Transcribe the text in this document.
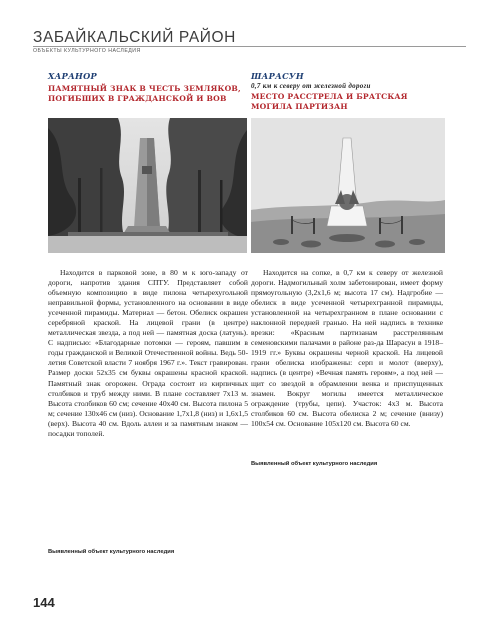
ЗАБАЙКАЛЬСКИЙ РАЙОН
ОБЪЕКТЫ КУЛЬТУРНОГО НАСЛЕДИЯ
ХАРАНОР
ПАМЯТНЫЙ ЗНАК В ЧЕСТЬ ЗЕМЛЯКОВ, ПОГИБШИХ В ГРАЖДАНСКОЙ И ВОВ
ШАРАСУН
0,7 км к северу от железной дороги
МЕСТО РАССТРЕЛА И БРАТСКАЯ МОГИЛА ПАРТИЗАН

Находится в парковой зоне, в 80 м к юго-западу от дороги, напротив здания СПТУ. Представляет собой объемную композицию в виде пилона четырехугольной неправильной формы, установленного на основании в виде усеченной пирамиды. Материал — бетон. Обелиск окрашен серебряной краской. На лицевой грани (в центре) металлическая звезда, а под ней — памятная доска (латунь). С надписью: «Благодарные потомки — героям, павшим в годы гражданской и Великой Отечественной войны. Ведь 50-летия Советской власти 7 ноября 1967 г.». Текст гравирован. Размер доски 52х35 см буквы окрашены красной краской. Памятный знак огорожен. Ограда состоит из кирпичных столбиков и труб между ними. В плане составляет 7х13 м. Высота столбиков 60 см; сечение 40х40 см. Высота пилона 5 м; сечение 130х46 см (низ). Основание 1,7х1,8 (низ) и 1,6х1,5 (верх). Высота 40 см. Вдоль аллеи и за памятным знаком — посадки тополей.

Находится на сопке, в 0,7 км к северу от железной дороги. Надмогильный холм забетонирован, имеет форму прямоугольную (3,2х1,6 м; высота 17 см). Надгробие — обелиск в виде усеченной четырехгранной пирамиды, установленной на четырехгранном в плане основании с наклонной передней гранью. На ней надпись в технике врезки: «Красным партизанам расстрелянным семеновскими палачами в районе раз-да Шарасун в 1918–1919 гг.» Буквы окрашены черной краской. На лицевой грани обелиска изображены: серп и молот (вверху), надпись (в центре) «Вечная память героям», а под ней — щит со звездой в обрамлении венка и приспущенных знамен. Вокруг могилы имеется металлическое ограждение (трубы, цепи). Участок: 4х3 м. Высота столбиков 60 см. Высота обелиска 2 м; сечение (внизу) 100х54 см. Основание 105х120 см. Высота 60 см.

Выявленный объект культурного наследия
Выявленный объект культурного наследия
144
